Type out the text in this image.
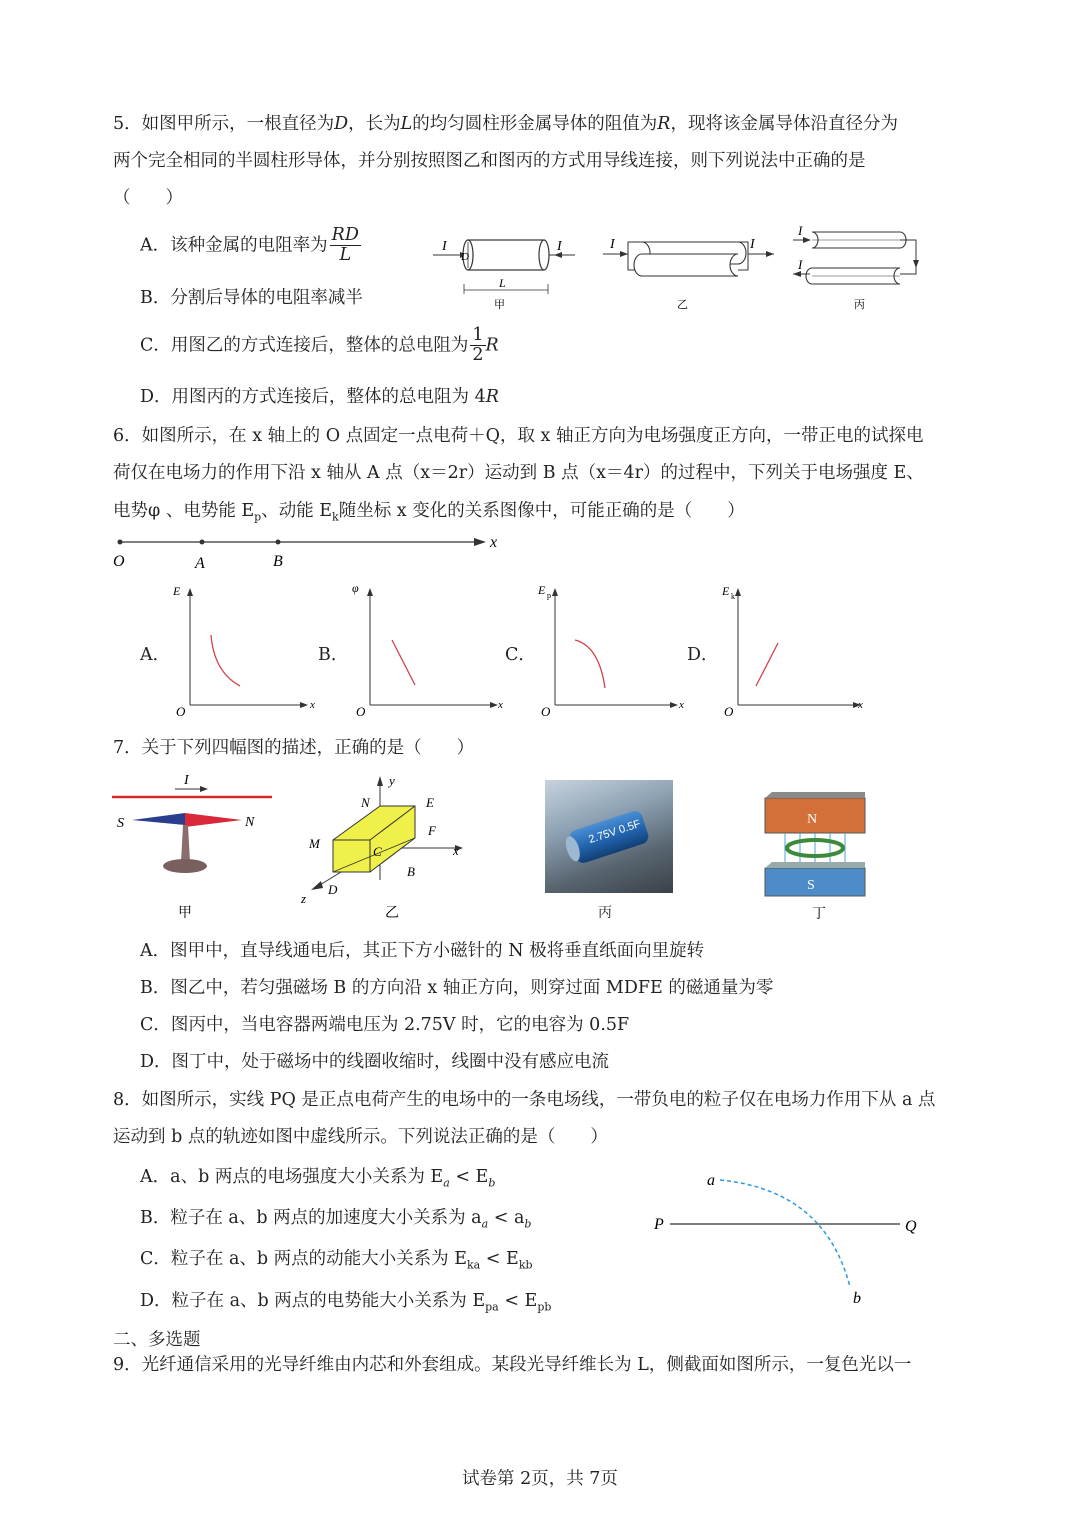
5．如图甲所示，一根直径为D，长为L的均匀圆柱形金属导体的阻值为R，现将该金属导体沿直径分为
两个完全相同的半圆柱形导体，并分别按照图乙和图丙的方式用导线连接，则下列说法中正确的是
（　　）
A．该种金属的电阻率为 $\frac{RD}{L}$
B．分割后导体的电阻率减半
C．用图乙的方式连接后，整体的总电阻为 $\frac{1}{2}$ R
D．用图丙的方式连接后，整体的总电阻为 4R
I
D
I
L
甲
I	I
乙
I
I
丙
6．如图所示，在 x 轴上的 O 点固定一点电荷＋Q，取 x 轴正方向为电场强度正方向，一带正电的试探电
荷仅在电场力的作用下沿 x 轴从 A 点（x＝2r）运动到 B 点（x＝4r）的过程中，下列关于电场强度 E、
电势φ 、电势能 $E_p$、动能 $E_k$随坐标 x 变化的关系图像中，可能正确的是（　　）
O	A	B
x
A．	B．	C．	D．
E
O	x
φ
O	x
E p
O	x
E k
O	x
7．关于下列四幅图的描述，正确的是（　　）
I
S	N
甲
y
x
z
N	E
M
F
C
B
D
乙
2.75V 0.5F
丙
N
S
丁
A．图甲中，直导线通电后，其正下方小磁针的 N 极将垂直纸面向里旋转
B．图乙中，若匀强磁场 B 的方向沿 x 轴正方向，则穿过面 MDFE 的磁通量为零
C．图丙中，当电容器两端电压为 2.75V 时，它的电容为 0.5F
D．图丁中，处于磁场中的线圈收缩时，线圈中没有感应电流
8．如图所示，实线 PQ 是正点电荷产生的电场中的一条电场线，一带负电的粒子仅在电场力作用下从 a 点
运动到 b 点的轨迹如图中虚线所示。下列说法正确的是（　　）
A．a、b 两点的电场强度大小关系为 $E_a < E_b$
B．粒子在 a、b 两点的加速度大小关系为 $a_a < a_b$
C．粒子在 a、b 两点的动能大小关系为 $E_{ka} < E_{kb}$
D．粒子在 a、b 两点的电势能大小关系为 $E_{pa} < E_{pb}$
a
P	Q
b
二、多选题
9．光纤通信采用的光导纤维由内芯和外套组成。某段光导纤维长为 L，侧截面如图所示，一复色光以一
试卷第 2页，共 7页
